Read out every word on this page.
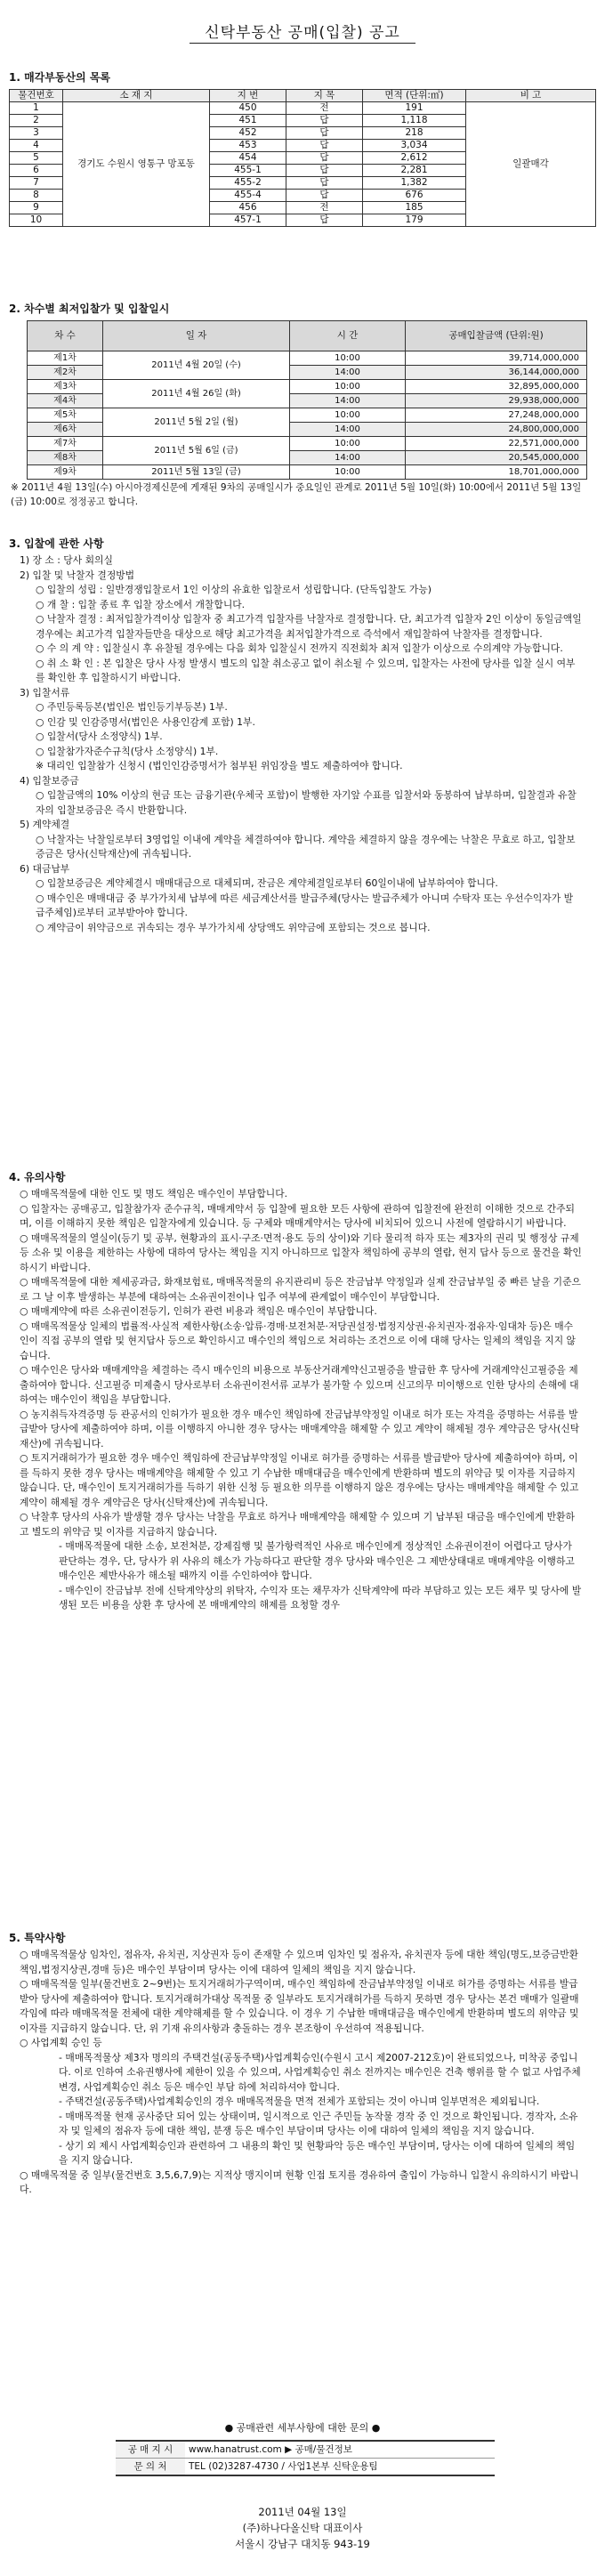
신탁부동산 공매(입찰) 공고
1. 매각부동산의 목록
물건번호	소 재 지	지 번	지 목	면적 (단위:㎡)	비 고
1	경기도 수원시 영통구 망포동	450	전	191	일괄매각
2		451	답	1,118	
3		452	답	218	
4		453	답	3,034	
5		454	답	2,612	
6		455-1	답	2,281	
7		455-2	답	1,382	
8		455-4	답	676	
9		456	전	185	
10		457-1	답	179	
2. 차수별 최저입찰가 및 입찰일시
차 수	일 자	시 간	공매입찰금액 (단위:원)
제1차	2011년 4월 20일 (수)	10:00	39,714,000,000
제2차		14:00	36,144,000,000
제3차	2011년 4월 26일 (화)	10:00	32,895,000,000
제4차		14:00	29,938,000,000
제5차	2011년 5월 2일 (월)	10:00	27,248,000,000
제6차		14:00	24,800,000,000
제7차	2011년 5월 6일 (금)	10:00	22,571,000,000
제8차		14:00	20,545,000,000
제9차	2011년 5월 13일 (금)	10:00	18,701,000,000
※ 2011년 4월 13일(수) 아시아경제신문에 게재된 9차의 공매일시가 중요일인 관계로 2011년 5월 10일(화) 10:00에서 2011년 5월 13일(금) 10:00로 정정공고 합니다.
3. 입찰에 관한 사항

1) 장 소 : 당사 회의실

2) 입찰 및 낙찰자 결정방법

○ 입찰의 성립 : 일반경쟁입찰로서 1인 이상의 유효한 입찰로서 성립합니다. (단독입찰도 가능)

○ 개 찰 : 입찰 종료 후 입찰 장소에서 개찰합니다.

○ 낙찰자 결정 : 최저입찰가격이상 입찰자 중 최고가격 입찰자를 낙찰자로 결정합니다. 단, 최고가격 입찰자 2인 이상이 동일금액일 경우에는 최고가격 입찰자들만을 대상으로 해당 최고가격을 최저입찰가격으로 즉석에서 재입찰하여 낙찰자를 결정합니다.

○ 수 의 계 약 : 입찰실시 후 유찰될 경우에는 다음 회차 입찰실시 전까지 직전회차 최저 입찰가 이상으로 수의계약 가능합니다.

○ 취 소 확 인 : 본 입찰은 당사 사정 발생시 별도의 입찰 취소공고 없이 취소될 수 있으며, 입찰자는 사전에 당사를 입찰 실시 여부를 확인한 후 입찰하시기 바랍니다.

3) 입찰서류

○ 주민등록등본(법인은 법인등기부등본) 1부.

○ 인감 및 인감증명서(법인은 사용인감계 포함) 1부.

○ 입찰서(당사 소정양식) 1부.

○ 입찰참가자준수규칙(당사 소정양식) 1부.

※ 대리인 입찰참가 신청시 (법인인감증명서가 첨부된 위임장을 별도 제출하여야 합니다.

4) 입찰보증금

○ 입찰금액의 10% 이상의 현금 또는 금융기관(우체국 포함)이 발행한 자기앞 수표를 입찰서와 동봉하여 납부하며, 입찰결과 유찰자의 입찰보증금은 즉시 반환합니다.

5) 계약체결

○ 낙찰자는 낙찰일로부터 3영업일 이내에 계약을 체결하여야 합니다. 계약을 체결하지 않을 경우에는 낙찰은 무효로 하고, 입찰보증금은 당사(신탁재산)에 귀속됩니다.

6) 대금납부

○ 입찰보증금은 계약체결시 매매대금으로 대체되며, 잔금은 계약체결일로부터 60일이내에 납부하여야 합니다.

○ 매수인은 매매대금 중 부가가치세 납부에 따른 세금계산서를 발급주체(당사는 발급주체가 아니며 수탁자 또는 우선수익자가 발급주체임)로부터 교부받아야 합니다.

○ 계약금이 위약금으로 귀속되는 경우 부가가치세 상당액도 위약금에 포함되는 것으로 봅니다.

4. 유의사항

○ 매매목적물에 대한 인도 및 명도 책임은 매수인이 부담합니다.

○ 입찰자는 공매공고, 입찰참가자 준수규칙, 매매계약서 등 입찰에 필요한 모든 사항에 관하여 입찰전에 완전히 이해한 것으로 간주되며, 이를 이해하지 못한 책임은 입찰자에게 있습니다. 등 구체와 매매계약서는 당사에 비치되어 있으니 사전에 열람하시기 바랍니다.

○ 매매목적물의 열실이(등기 및 공부, 현황과의 표시·구조·면적·용도 등의 상이)와 기타 물리적 하자 또는 제3자의 권리 및 행정상 규제 등 소유 및 이용을 제한하는 사항에 대하여 당사는 책임을 지지 아니하므로 입찰자 책임하에 공부의 열람, 현지 답사 등으로 물건을 확인하시기 바랍니다.

○ 매매목적물에 대한 제세공과금, 화재보험료, 매매목적물의 유지관리비 등은 잔금납부 약정일과 실제 잔금납부일 중 빠른 날을 기준으로 그 날 이후 발생하는 부분에 대하여는 소유권이전이나 입주 여부에 관계없이 매수인이 부담합니다.

○ 매매계약에 따른 소유권이전등기, 인허가 관련 비용과 책임은 매수인이 부담합니다.

○ 매매목적물상 일체의 법률적·사실적 제한사항(소송·압류·경매·보전처분·저당권설정·법정지상권·유치권자·점유자·임대차 등)은 매수인이 직접 공부의 열람 및 현지답사 등으로 확인하시고 매수인의 책임으로 처리하는 조건으로 이에 대해 당사는 일체의 책임을 지지 않습니다.

○ 매수인은 당사와 매매계약을 체결하는 즉시 매수인의 비용으로 부동산거래계약신고필증을 발급한 후 당사에 거래계약신고필증을 제출하여야 합니다. 신고필증 미제출시 당사로부터 소유권이전서류 교부가 불가할 수 있으며 신고의무 미이행으로 인한 당사의 손해에 대하여는 매수인이 책임을 부담합니다.

○ 농지취득자격증명 등 관공서의 인허가가 필요한 경우 매수인 책임하에 잔금납부약정일 이내로 허가 또는 자격을 증명하는 서류를 발급받아 당사에 제출하여야 하며, 이를 이행하지 아니한 경우 당사는 매매계약을 해제할 수 있고 계약이 해제될 경우 계약금은 당사(신탁재산)에 귀속됩니다.

○ 토지거래허가가 필요한 경우 매수인 책임하에 잔금납부약정일 이내로 허가를 증명하는 서류를 발급받아 당사에 제출하여야 하며, 이를 득하지 못한 경우 당사는 매매계약을 해제할 수 있고 기 수납한 매매대금을 매수인에게 반환하며 별도의 위약금 및 이자를 지급하지 않습니다. 단, 매수인이 토지거래허가를 득하기 위한 신청 등 필요한 의무를 이행하지 않은 경우에는 당사는 매매계약을 해제할 수 있고 계약이 해제될 경우 계약금은 당사(신탁재산)에 귀속됩니다.

○ 낙찰후 당사의 사유가 발생할 경우 당사는 낙찰을 무효로 하거나 매매계약을 해제할 수 있으며 기 납부된 대금을 매수인에게 반환하고 별도의 위약금 및 이자를 지급하지 않습니다.

- 매매목적물에 대한 소송, 보전처분, 강제집행 및 불가항력적인 사유로 매수인에게 정상적인 소유권이전이 어렵다고 당사가 판단하는 경우, 단, 당사가 위 사유의 해소가 가능하다고 판단할 경우 당사와 매수인은 그 제반상태대로 매매계약을 이행하고 매수인은 제반사유가 해소될 때까지 이를 수인하여야 합니다.

- 매수인이 잔금납부 전에 신탁계약상의 위탁자, 수익자 또는 채무자가 신탁계약에 따라 부담하고 있는 모든 채무 및 당사에 발생된 모든 비용을 상환 후 당사에 본 매매계약의 해제를 요청할 경우

5. 특약사항

○ 매매목적물상 임차인, 점유자, 유치권, 지상권자 등이 존재할 수 있으며 임차인 및 점유자, 유치권자 등에 대한 책임(명도,보증금반환책임,법정지상권,경매 등)은 매수인 부담이며 당사는 이에 대하여 일체의 책임을 지지 않습니다.

○ 매매목적물 일부(물건번호 2~9번)는 토지거래허가구역이며, 매수인 책임하에 잔금납부약정일 이내로 허가를 증명하는 서류를 발급받아 당사에 제출하여야 합니다. 토지거래허가대상 목적물 중 일부라도 토지거래허가를 득하지 못하면 경우 당사는 본건 매매가 일괄매각임에 따라 매매목적물 전체에 대한 계약해제를 할 수 있습니다. 이 경우 기 수납한 매매대금을 매수인에게 반환하며 별도의 위약금 및 이자를 지급하지 않습니다. 단, 위 기재 유의사항과 충돌하는 경우 본조항이 우선하여 적용됩니다.

○ 사업계획 승인 등

- 매매목적물상 제3자 명의의 주택건설(공동주택)사업계획승인(수원시 고시 제2007-212호)이 완료되었으나, 미착공 중입니다. 이로 인하여 소유권행사에 제한이 있을 수 있으며, 사업계획승인 취소 전까지는 매수인은 건축 행위를 할 수 없고 사업주체 변경, 사업계획승인 취소 등은 매수인 부담 하에 처리하셔야 합니다.

- 주택건설(공동주택)사업계획승인의 경우 매매목적물을 면적 전체가 포함되는 것이 아니며 일부면적은 제외됩니다.

- 매매목적물 현재 공사중단 되어 있는 상태이며, 일시적으로 인근 주민들 농작물 경작 중 인 것으로 확인됩니다. 경작자, 소유자 및 일체의 점유자 등에 대한 책임, 분쟁 등은 매수인 부담이며 당사는 이에 대하여 일체의 책임을 지지 않습니다.

- 상기 외 제시 사업계획승인과 관련하여 그 내용의 확인 및 현황파악 등은 매수인 부담이며, 당사는 이에 대하여 일체의 책임을 지지 않습니다.

○ 매매목적물 중 일부(물건번호 3,5,6,7,9)는 지적상 맹지이며 현황 인접 토지를 경유하여 출입이 가능하니 입찰시 유의하시기 바랍니다.

● 공매관련 세부사항에 대한 문의 ●
공 매 지 시	www.hanatrust.com ▶ 공매/물건정보
문 의 처	TEL (02)3287-4730 / 사업1본부 신탁운용팀
2011년 04월 13일
(주)하나다올신탁 대표이사
서울시 강남구 대치동 943-19
